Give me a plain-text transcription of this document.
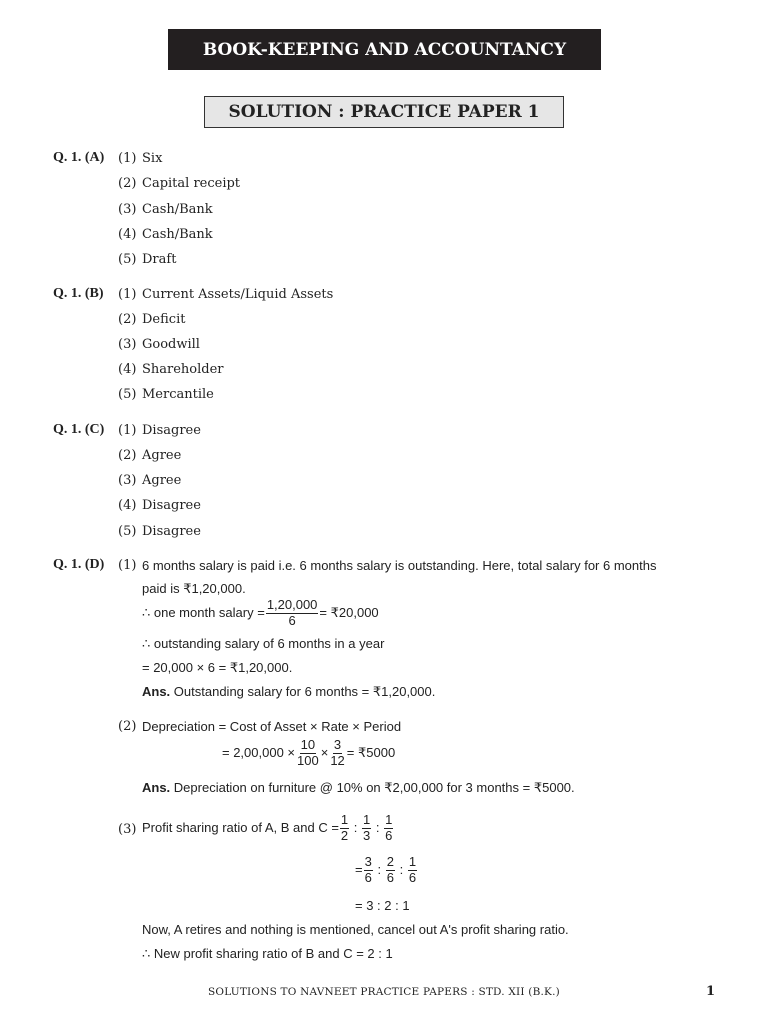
BOOK-KEEPING AND ACCOUNTANCY
SOLUTION : PRACTICE PAPER 1
Q. 1. (A) (1) Six
(2) Capital receipt
(3) Cash/Bank
(4) Cash/Bank
(5) Draft
Q. 1. (B) (1) Current Assets/Liquid Assets
(2) Deficit
(3) Goodwill
(4) Shareholder
(5) Mercantile
Q. 1. (C) (1) Disagree
(2) Agree
(3) Agree
(4) Disagree
(5) Disagree
Q. 1. (D) (1) 6 months salary is paid i.e. 6 months salary is outstanding. Here, total salary for 6 months
paid is ₹1,20,000.
∴ one month salary = $\frac{1,20,000}{6}$ = ₹20,000
∴ outstanding salary of 6 months in a year
= 20,000 × 6 = ₹1,20,000.
Ans. Outstanding salary for 6 months = ₹1,20,000.
(2) Depreciation = Cost of Asset × Rate × Period
= $2,00,000 \times \frac{10}{100} \times \frac{3}{12}$ = ₹5000
Ans. Depreciation on furniture @ 10% on ₹2,00,000 for 3 months = ₹5000.
(3) Profit sharing ratio of A, B and $C = \frac{1}{2}$ : $\frac{1}{3}$ : $\frac{1}{6}$
= $\frac{3}{6}$ : $\frac{2}{6}$ : $\frac{1}{6}$
= 3 : 2 : 1
Now, A retires and nothing is mentioned, cancel out A's profit sharing ratio.
∴ New profit sharing ratio of B and C = 2 : 1
SOLUTIONS TO NAVNEET PRACTICE PAPERS : STD. XII (B.K.)	1
